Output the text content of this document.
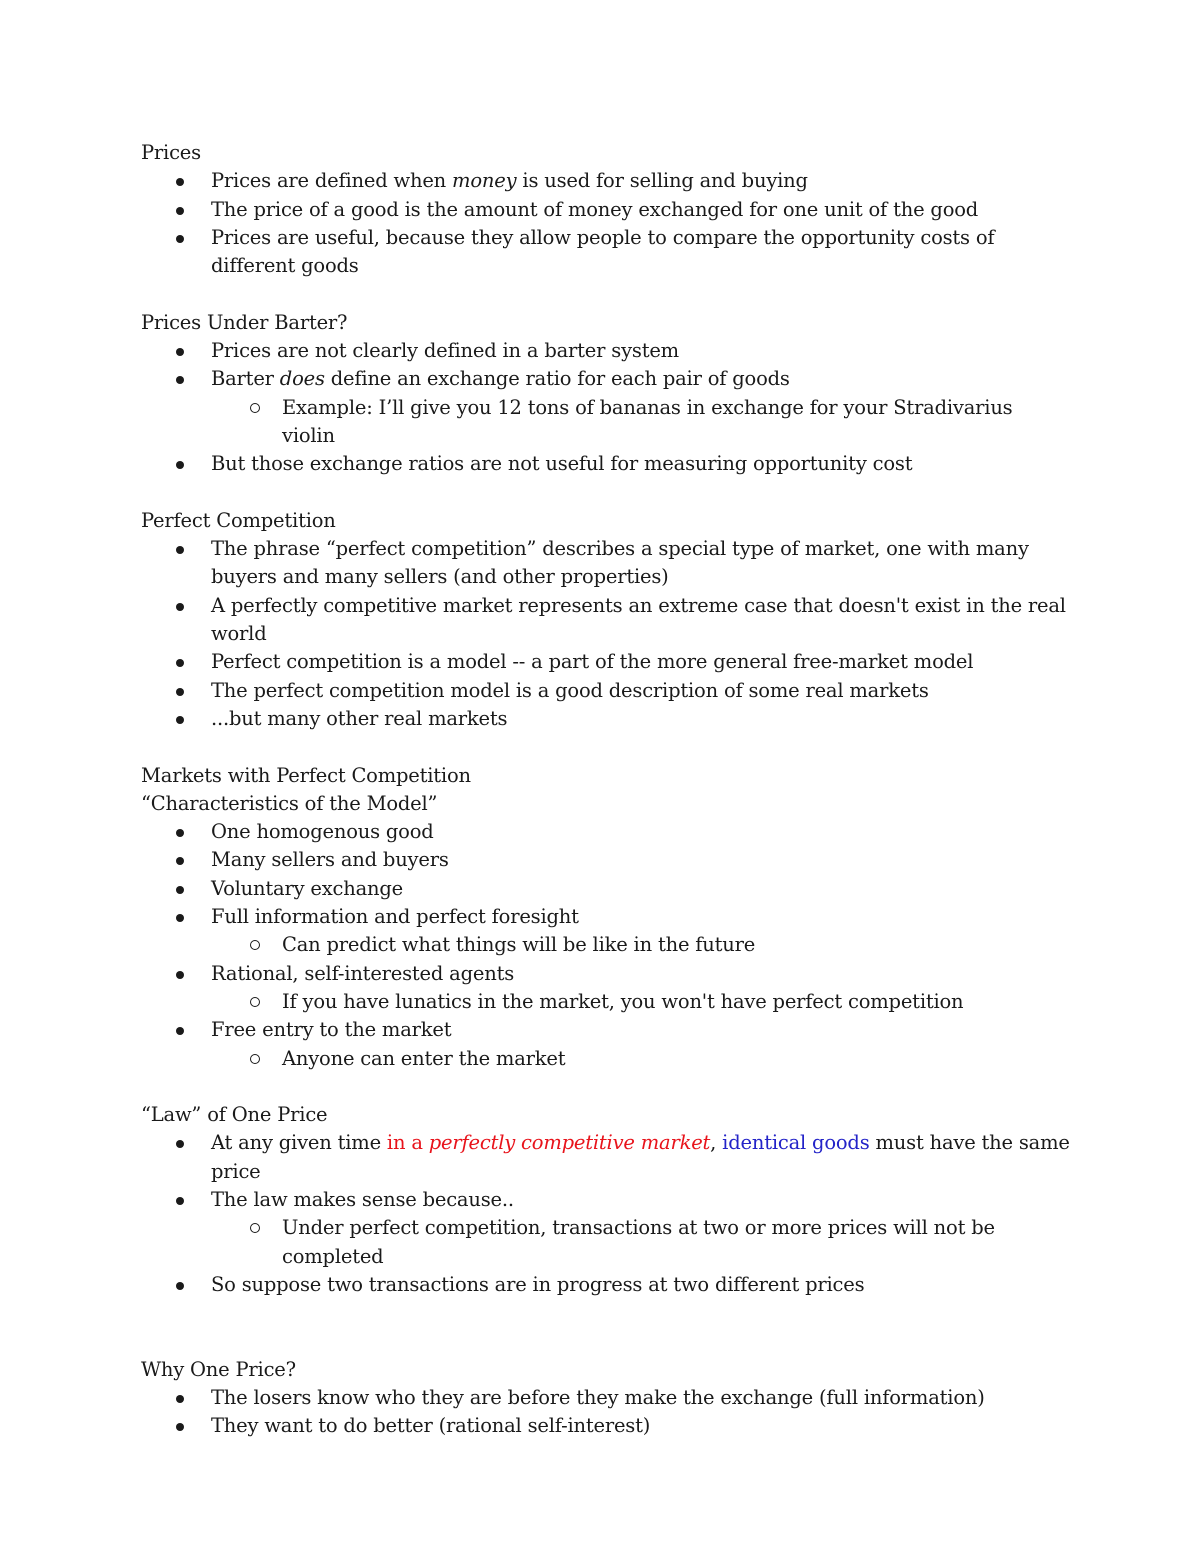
Prices

Prices are defined when money is used for selling and buying
The price of a good is the amount of money exchanged for one unit of the good
Prices are useful, because they allow people to compare the opportunity costs of different goods

Prices Under Barter?

Prices are not clearly defined in a barter system
Barter does define an exchange ratio for each pair of goods
Example: I’ll give you 12 tons of bananas in exchange for your Stradivarius violin
But those exchange ratios are not useful for measuring opportunity cost

Perfect Competition

The phrase “perfect competition” describes a special type of market, one with many buyers and many sellers (and other properties)
A perfectly competitive market represents an extreme case that doesn't exist in the real world
Perfect competition is a model -- a part of the more general free-market model
The perfect competition model is a good description of some real markets
...but many other real markets

Markets with Perfect Competition

“Characteristics of the Model”

One homogenous good
Many sellers and buyers
Voluntary exchange
Full information and perfect foresight
Can predict what things will be like in the future
Rational, self-interested agents
If you have lunatics in the market, you won't have perfect competition
Free entry to the market
Anyone can enter the market

“Law” of One Price

At any given time in a perfectly competitive market, identical goods must have the same price
The law makes sense because..
Under perfect competition, transactions at two or more prices will not be completed
So suppose two transactions are in progress at two different prices

Why One Price?

The losers know who they are before they make the exchange (full information)
They want to do better (rational self-interest)
